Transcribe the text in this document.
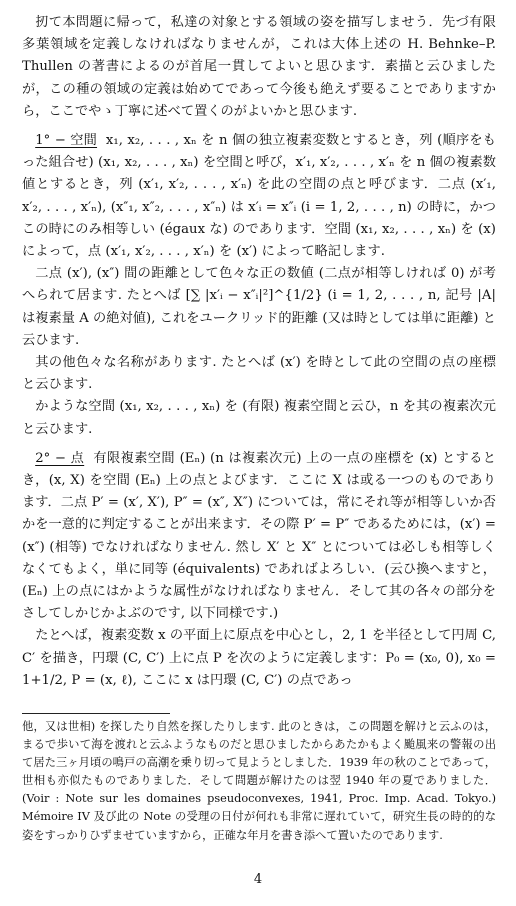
扨て本問題に帰って，私達の対象とする領域の姿を描写しませう．先づ有限多葉領域を定義しなければなりませんが，これは大体上述の H. Behnke–P. Thullen の著書によるのが首尾一貫してよいと思ひます．素描と云ひましたが，この種の領域の定義は始めてであって今後も絶えず要ることでありますから，ここでやゝ丁寧に述べて置くのがよいかと思ひます.

1° − 空間 x₁, x₂, . . . , xₙ を n 個の独立複素変数とするとき，列 (順序をもった組合せ) (x₁, x₂, . . . , xₙ) を空間と呼び，x′₁, x′₂, . . . , x′ₙ を n 個の複素数値とするとき，列 (x′₁, x′₂, . . . , x′ₙ) を此の空間の点と呼びます．二点 (x′₁, x′₂, . . . , x′ₙ), (x″₁, x″₂, . . . , x″ₙ) は x′ᵢ = x″ᵢ (i = 1, 2, . . . , n) の時に，かつこの時にのみ相等しい (égaux な) のであります．空間 (x₁, x₂, . . . , xₙ) を (x) によって，点 (x′₁, x′₂, . . . , x′ₙ) を (x′) によって略記します.

二点 (x′), (x″) 間の距離として色々な正の数値 (二点が相等しければ 0) が考へられて居ます. たとへば [∑ |x′ᵢ − x″ᵢ|²]^{1/2} (i = 1, 2, . . . , n, 記号 |A| は複素量 A の絶対値), これをユークリッド的距離 (又は時としては単に距離) と云ひます.

其の他色々な名称があります. たとへば (x′) を時として此の空間の点の座標と云ひます.

かような空間 (x₁, x₂, . . . , xₙ) を (有限) 複素空間と云ひ，n を其の複素次元と云ひます.

2° − 点 有限複素空間 (Eₙ) (n は複素次元) 上の一点の座標を (x) とするとき，(x, X) を空間 (Eₙ) 上の点とよびます．ここに X は或る一つのものであります．二点 P′ = (x′, X′), P″ = (x″, X″) については，常にそれ等が相等しいか否かを一意的に判定することが出来ます．その際 P′ = P″ であるためには，(x′) = (x″) (相等) でなければなりません. 然し X′ と X″ とについては必しも相等しくなくてもよく，単に同等 (équivalents) であればよろしい．(云ひ換へますと，(Eₙ) 上の点にはかような属性がなければなりません．そして其の各々の部分をさしてしかじかよぶのです, 以下同様です.)

たとへば，複素変数 x の平面上に原点を中心とし，2, 1 を半径として円周 C, C′ を描き，円環 (C, C′) 上に点 P を次のように定義します：P₀ = (x₀, 0), x₀ = 1+1/2, P = (x, ℓ), ここに x は円環 (C, C′) の点であっ

他，又は世相) を探したり自然を探したりします. 此のときは，この問題を解けと云ふのは，まるで歩いて海を渡れと云ふようなものだと思ひましたからあたかもよく颱風来の警報の出て居た三ヶ月頃の鳴戸の高潮を乗り切って見ようとしました．1939 年の秋のことであって，世相も亦似たものでありました．そして問題が解けたのは翌 1940 年の夏でありました．(Voir : Note sur les domaines pseudoconvexes, 1941, Proc. Imp. Acad. Tokyo.) Mémoire IV 及び此の Note の受理の日付が何れも非常に遅れていて，研究生長の時的的な姿をすっかりひずませていますから，正確な年月を書き添へて置いたのであります.

4
